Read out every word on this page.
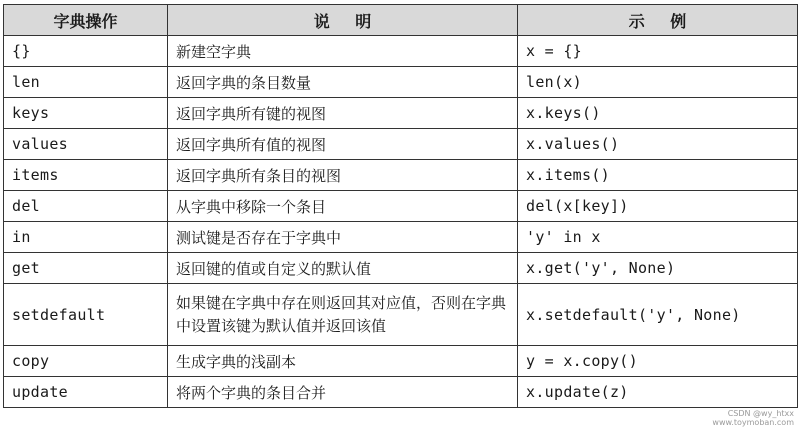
字典操作	说明	示例
{}	新建空字典	x = {}
len	返回字典的条目数量	len(x)
keys	返回字典所有键的视图	x.keys()
values	返回字典所有值的视图	x.values()
items	返回字典所有条目的视图	x.items()
del	从字典中移除一个条目	del(x[key])
in	测试键是否存在于字典中	'y' in x
get	返回键的值或自定义的默认值	x.get('y', None)
setdefault	如果键在字典中存在则返回其对应值，否则在字典中设置该键为默认值并返回该值	x.setdefault('y', None)
copy	生成字典的浅副本	y = x.copy()
update	将两个字典的条目合并	x.update(z)
CSDN @wy_htxx
www.toymoban.com
